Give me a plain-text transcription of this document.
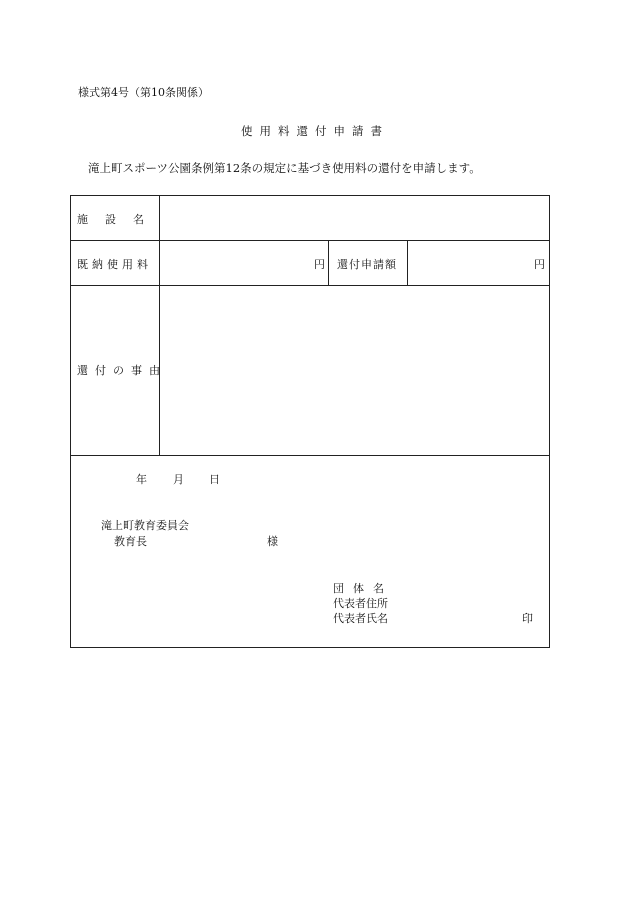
様式第4号（第10条関係）
使用料還付申請書
滝上町スポーツ公園条例第12条の規定に基づき使用料の還付を申請します。
施設名
既納使用料	円 還付申請額	円
還付の事由
年 月 日
滝上町教育委員会
教育長	様
団体名
代表者住所
代表者氏名	印
